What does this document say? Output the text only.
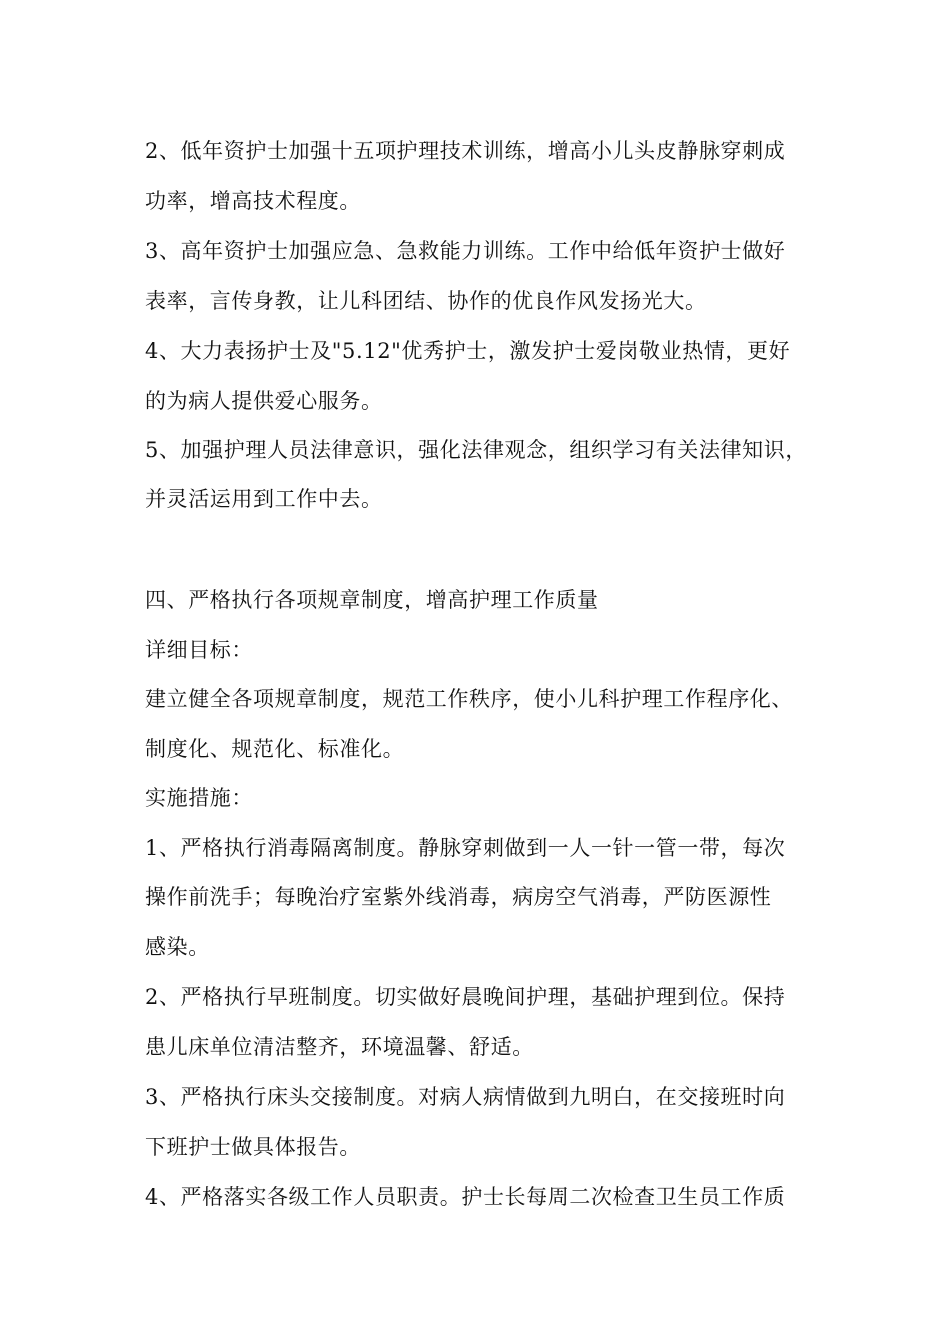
2、低年资护士加强十五项护理技术训练，增高小儿头皮静脉穿刺成
功率，增高技术程度。
3、高年资护士加强应急、急救能力训练。工作中给低年资护士做好
表率，言传身教，让儿科团结、协作的优良作风发扬光大。
4、大力表扬护士及"5.12"优秀护士，激发护士爱岗敬业热情，更好
的为病人提供爱心服务。
5、加强护理人员法律意识，强化法律观念，组织学习有关法律知识，
并灵活运用到工作中去。
四、严格执行各项规章制度，增高护理工作质量
详细目标：
建立健全各项规章制度，规范工作秩序，使小儿科护理工作程序化、
制度化、规范化、标准化。
实施措施：
1、严格执行消毒隔离制度。静脉穿刺做到一人一针一管一带，每次
操作前洗手；每晚治疗室紫外线消毒，病房空气消毒，严防医源性
感染。
2、严格执行早班制度。切实做好晨晚间护理，基础护理到位。保持
患儿床单位清洁整齐，环境温馨、舒适。
3、严格执行床头交接制度。对病人病情做到九明白，在交接班时向
下班护士做具体报告。
4、严格落实各级工作人员职责。护士长每周二次检查卫生员工作质
